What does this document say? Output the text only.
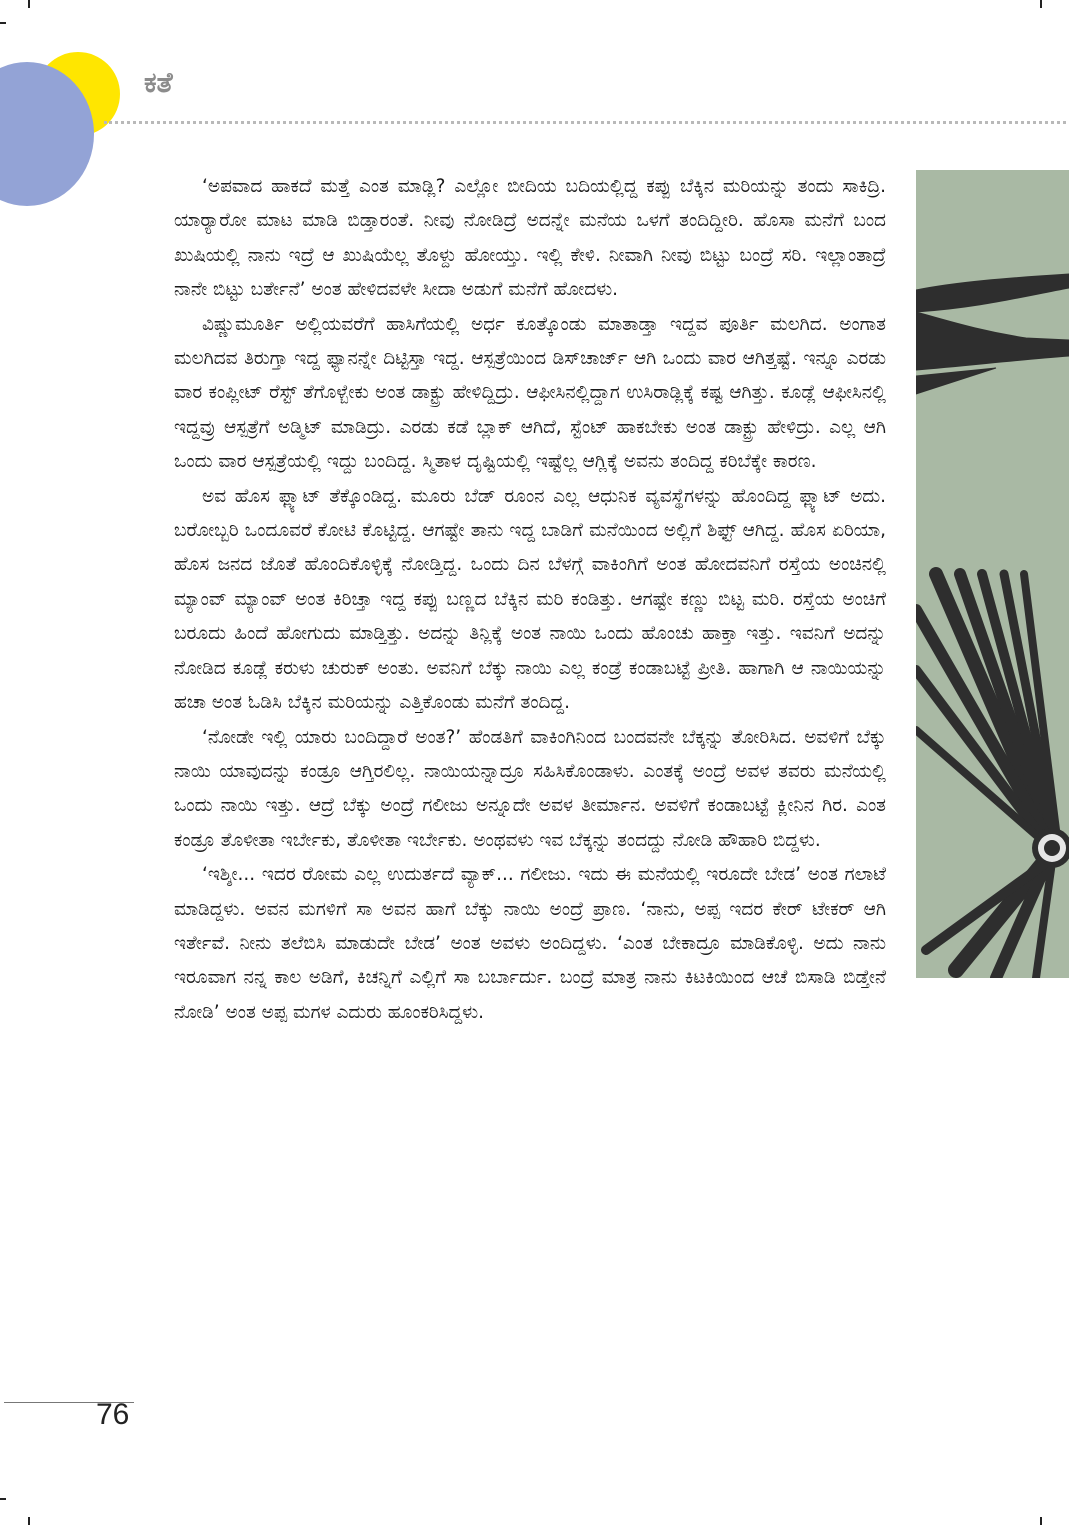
ಕತೆ

‘ಅಪವಾದ ಹಾಕದೆ ಮತ್ತೆ ಎಂತ ಮಾಡ್ಲಿ? ಎಲ್ಲೋ ಬೀದಿಯ ಬದಿಯಲ್ಲಿದ್ದ ಕಪ್ಪು ಬೆಕ್ಕಿನ ಮರಿಯನ್ನು ತಂದು ಸಾಕಿದ್ರಿ. ಯಾರ್‍ಯಾರೋ ಮಾಟ ಮಾಡಿ ಬಿಡ್ತಾರಂತೆ. ನೀವು ನೋಡಿದ್ರೆ ಅದನ್ನೇ ಮನೆಯ ಒಳಗೆ ತಂದಿದ್ದೀರಿ. ಹೊಸಾ ಮನೆಗೆ ಬಂದ ಖುಷಿಯಲ್ಲಿ ನಾನು ಇದ್ರೆ ಆ ಖುಷಿಯೆಲ್ಲ ತೊಳ್ದು ಹೋಯ್ತು. ಇಲ್ಲಿ ಕೇಳಿ. ನೀವಾಗಿ ನೀವು ಬಿಟ್ಟು ಬಂದ್ರೆ ಸರಿ. ಇಲ್ಲಾಂತಾದ್ರೆ ನಾನೇ ಬಿಟ್ಟು ಬರ್ತೇನೆ’ ಅಂತ ಹೇಳಿದವಳೇ ಸೀದಾ ಅಡುಗೆ ಮನೆಗೆ ಹೋದಳು.

ವಿಷ್ಣುಮೂರ್ತಿ ಅಲ್ಲಿಯವರೆಗೆ ಹಾಸಿಗೆಯಲ್ಲಿ ಅರ್ಧ ಕೂತ್ಕೊಂಡು ಮಾತಾಡ್ತಾ ಇದ್ದವ ಪೂರ್ತಿ ಮಲಗಿದ. ಅಂಗಾತ ಮಲಗಿದವ ತಿರುಗ್ತಾ ಇದ್ದ ಫ್ಯಾನನ್ನೇ ದಿಟ್ಟಿಸ್ತಾ ಇದ್ದ. ಆಸ್ಪತ್ರೆಯಿಂದ ಡಿಸ್‌ಚಾರ್ಜ್ ಆಗಿ ಒಂದು ವಾರ ಆಗಿತ್ತಷ್ಟೆ. ಇನ್ನೂ ಎರಡು ವಾರ ಕಂಪ್ಲೀಟ್ ರೆಸ್ಟ್ ತೆಗೊಳ್ಬೇಕು ಅಂತ ಡಾಕ್ಟ್ರು ಹೇಳಿದ್ದಿದ್ರು. ಆಫೀಸಿನಲ್ಲಿದ್ದಾಗ ಉಸಿರಾಡ್ಲಿಕ್ಕೆ ಕಷ್ಟ ಆಗಿತ್ತು. ಕೂಡ್ಲೆ ಆಫೀಸಿನಲ್ಲಿ ಇದ್ದವ್ರು ಆಸ್ಪತ್ರೆಗೆ ಅಡ್ಮಿಟ್ ಮಾಡಿದ್ರು. ಎರಡು ಕಡೆ ಬ್ಲಾಕ್ ಆಗಿದೆ, ಸ್ಟೆಂಟ್ ಹಾಕಬೇಕು ಅಂತ ಡಾಕ್ಟ್ರು ಹೇಳಿದ್ರು. ಎಲ್ಲ ಆಗಿ ಒಂದು ವಾರ ಆಸ್ಪತ್ರೆಯಲ್ಲಿ ಇದ್ದು ಬಂದಿದ್ದ. ಸ್ಮಿತಾಳ ದೃಷ್ಟಿಯಲ್ಲಿ ಇಷ್ಟೆಲ್ಲ ಆಗ್ಲಿಕ್ಕೆ ಅವನು ತಂದಿದ್ದ ಕರಿಬೆಕ್ಕೇ ಕಾರಣ.

ಅವ ಹೊಸ ಫ್ಲ್ಯಾಟ್ ತೆಕ್ಕೊಂಡಿದ್ದ. ಮೂರು ಬೆಡ್ ರೂಂನ ಎಲ್ಲ ಆಧುನಿಕ ವ್ಯವಸ್ಥೆಗಳನ್ನು ಹೊಂದಿದ್ದ ಫ್ಲ್ಯಾಟ್ ಅದು. ಬರೋಬ್ಬರಿ ಒಂದೂವರೆ ಕೋಟಿ ಕೊಟ್ಟಿದ್ದ. ಆಗಷ್ಟೇ ತಾನು ಇದ್ದ ಬಾಡಿಗೆ ಮನೆಯಿಂದ ಅಲ್ಲಿಗೆ ಶಿಫ್ಟ್ ಆಗಿದ್ದ. ಹೊಸ ಏರಿಯಾ, ಹೊಸ ಜನದ ಜೊತೆ ಹೊಂದಿಕೊಳ್ಳಿಕ್ಕೆ ನೋಡ್ತಿದ್ದ. ಒಂದು ದಿನ ಬೆಳಗ್ಗೆ ವಾಕಿಂಗಿಗೆ ಅಂತ ಹೋದವನಿಗೆ ರಸ್ತೆಯ ಅಂಚಿನಲ್ಲಿ ಮ್ಯಾಂವ್ ಮ್ಯಾಂವ್ ಅಂತ ಕಿರಿಚ್ತಾ ಇದ್ದ ಕಪ್ಪು ಬಣ್ಣದ ಬೆಕ್ಕಿನ ಮರಿ ಕಂಡಿತ್ತು. ಆಗಷ್ಟೇ ಕಣ್ಣು ಬಿಟ್ಟ ಮರಿ. ರಸ್ತೆಯ ಅಂಚಿಗೆ ಬರೂದು ಹಿಂದೆ ಹೋಗುದು ಮಾಡ್ತಿತ್ತು. ಅದನ್ನು ತಿನ್ಲಿಕ್ಕೆ ಅಂತ ನಾಯಿ ಒಂದು ಹೊಂಚು ಹಾಕ್ತಾ ಇತ್ತು. ಇವನಿಗೆ ಅದನ್ನು ನೋಡಿದ ಕೂಡ್ಲೆ ಕರುಳು ಚುರುಕ್ ಅಂತು. ಅವನಿಗೆ ಬೆಕ್ಕು ನಾಯಿ ಎಲ್ಲ ಕಂಡ್ರೆ ಕಂಡಾಬಟ್ಟೆ ಪ್ರೀತಿ. ಹಾಗಾಗಿ ಆ ನಾಯಿಯನ್ನು ಹಚಾ ಅಂತ ಓಡಿಸಿ ಬೆಕ್ಕಿನ ಮರಿಯನ್ನು ಎತ್ತಿಕೊಂಡು ಮನೆಗೆ ತಂದಿದ್ದ.

‘ನೋಡೇ ಇಲ್ಲಿ ಯಾರು ಬಂದಿದ್ದಾರೆ ಅಂತ?’ ಹೆಂಡತಿಗೆ ವಾಕಿಂಗಿನಿಂದ ಬಂದವನೇ ಬೆಕ್ಕನ್ನು ತೋರಿಸಿದ. ಅವಳಿಗೆ ಬೆಕ್ಕು ನಾಯಿ ಯಾವುದನ್ನು ಕಂಡ್ರೂ ಆಗ್ತಿರಲಿಲ್ಲ. ನಾಯಿಯನ್ನಾದ್ರೂ ಸಹಿಸಿಕೊಂಡಾಳು. ಎಂತಕ್ಕೆ ಅಂದ್ರೆ ಅವಳ ತವರು ಮನೆಯಲ್ಲಿ ಒಂದು ನಾಯಿ ಇತ್ತು. ಆದ್ರೆ ಬೆಕ್ಕು ಅಂದ್ರೆ ಗಲೀಜು ಅನ್ನೂದೇ ಅವಳ ತೀರ್ಮಾನ. ಅವಳಿಗೆ ಕಂಡಾಬಟ್ಟೆ ಕ್ಲೀನಿನ ಗಿರ. ಎಂತ ಕಂಡ್ರೂ ತೊಳೀತಾ ಇರ್ಬೇಕು, ತೊಳೀತಾ ಇರ್ಬೇಕು. ಅಂಥವಳು ಇವ ಬೆಕ್ಕನ್ನು ತಂದದ್ದು ನೋಡಿ ಹೌಹಾರಿ ಬಿದ್ದಳು.

‘ಇಶ್ಶೀ... ಇದರ ರೋಮ ಎಲ್ಲ ಉದುರ್ತದೆ ವ್ಯಾಕ್... ಗಲೀಜು. ಇದು ಈ ಮನೆಯಲ್ಲಿ ಇರೂದೇ ಬೇಡ’ ಅಂತ ಗಲಾಟೆ ಮಾಡಿದ್ದಳು. ಅವನ ಮಗಳಿಗೆ ಸಾ ಅವನ ಹಾಗೆ ಬೆಕ್ಕು ನಾಯಿ ಅಂದ್ರೆ ಪ್ರಾಣ. ‘ನಾನು, ಅಪ್ಪ ಇದರ ಕೇರ್ ಟೇಕರ್ ಆಗಿ ಇರ್ತೇವೆ. ನೀನು ತಲೆಬಿಸಿ ಮಾಡುದೇ ಬೇಡ’ ಅಂತ ಅವಳು ಅಂದಿದ್ದಳು. ‘ಎಂತ ಬೇಕಾದ್ರೂ ಮಾಡಿಕೊಳ್ಳಿ. ಅದು ನಾನು ಇರೂವಾಗ ನನ್ನ ಕಾಲ ಅಡಿಗೆ, ಕಿಚನ್ನಿಗೆ ಎಲ್ಲಿಗೆ ಸಾ ಬರ್ಬಾರ್ದು. ಬಂದ್ರೆ ಮಾತ್ರ ನಾನು ಕಿಟಕಿಯಿಂದ ಆಚೆ ಬಿಸಾಡಿ ಬಿಡ್ತೇನೆ ನೋಡಿ’ ಅಂತ ಅಪ್ಪ ಮಗಳ ಎದುರು ಹೂಂಕರಿಸಿದ್ದಳು.

76
